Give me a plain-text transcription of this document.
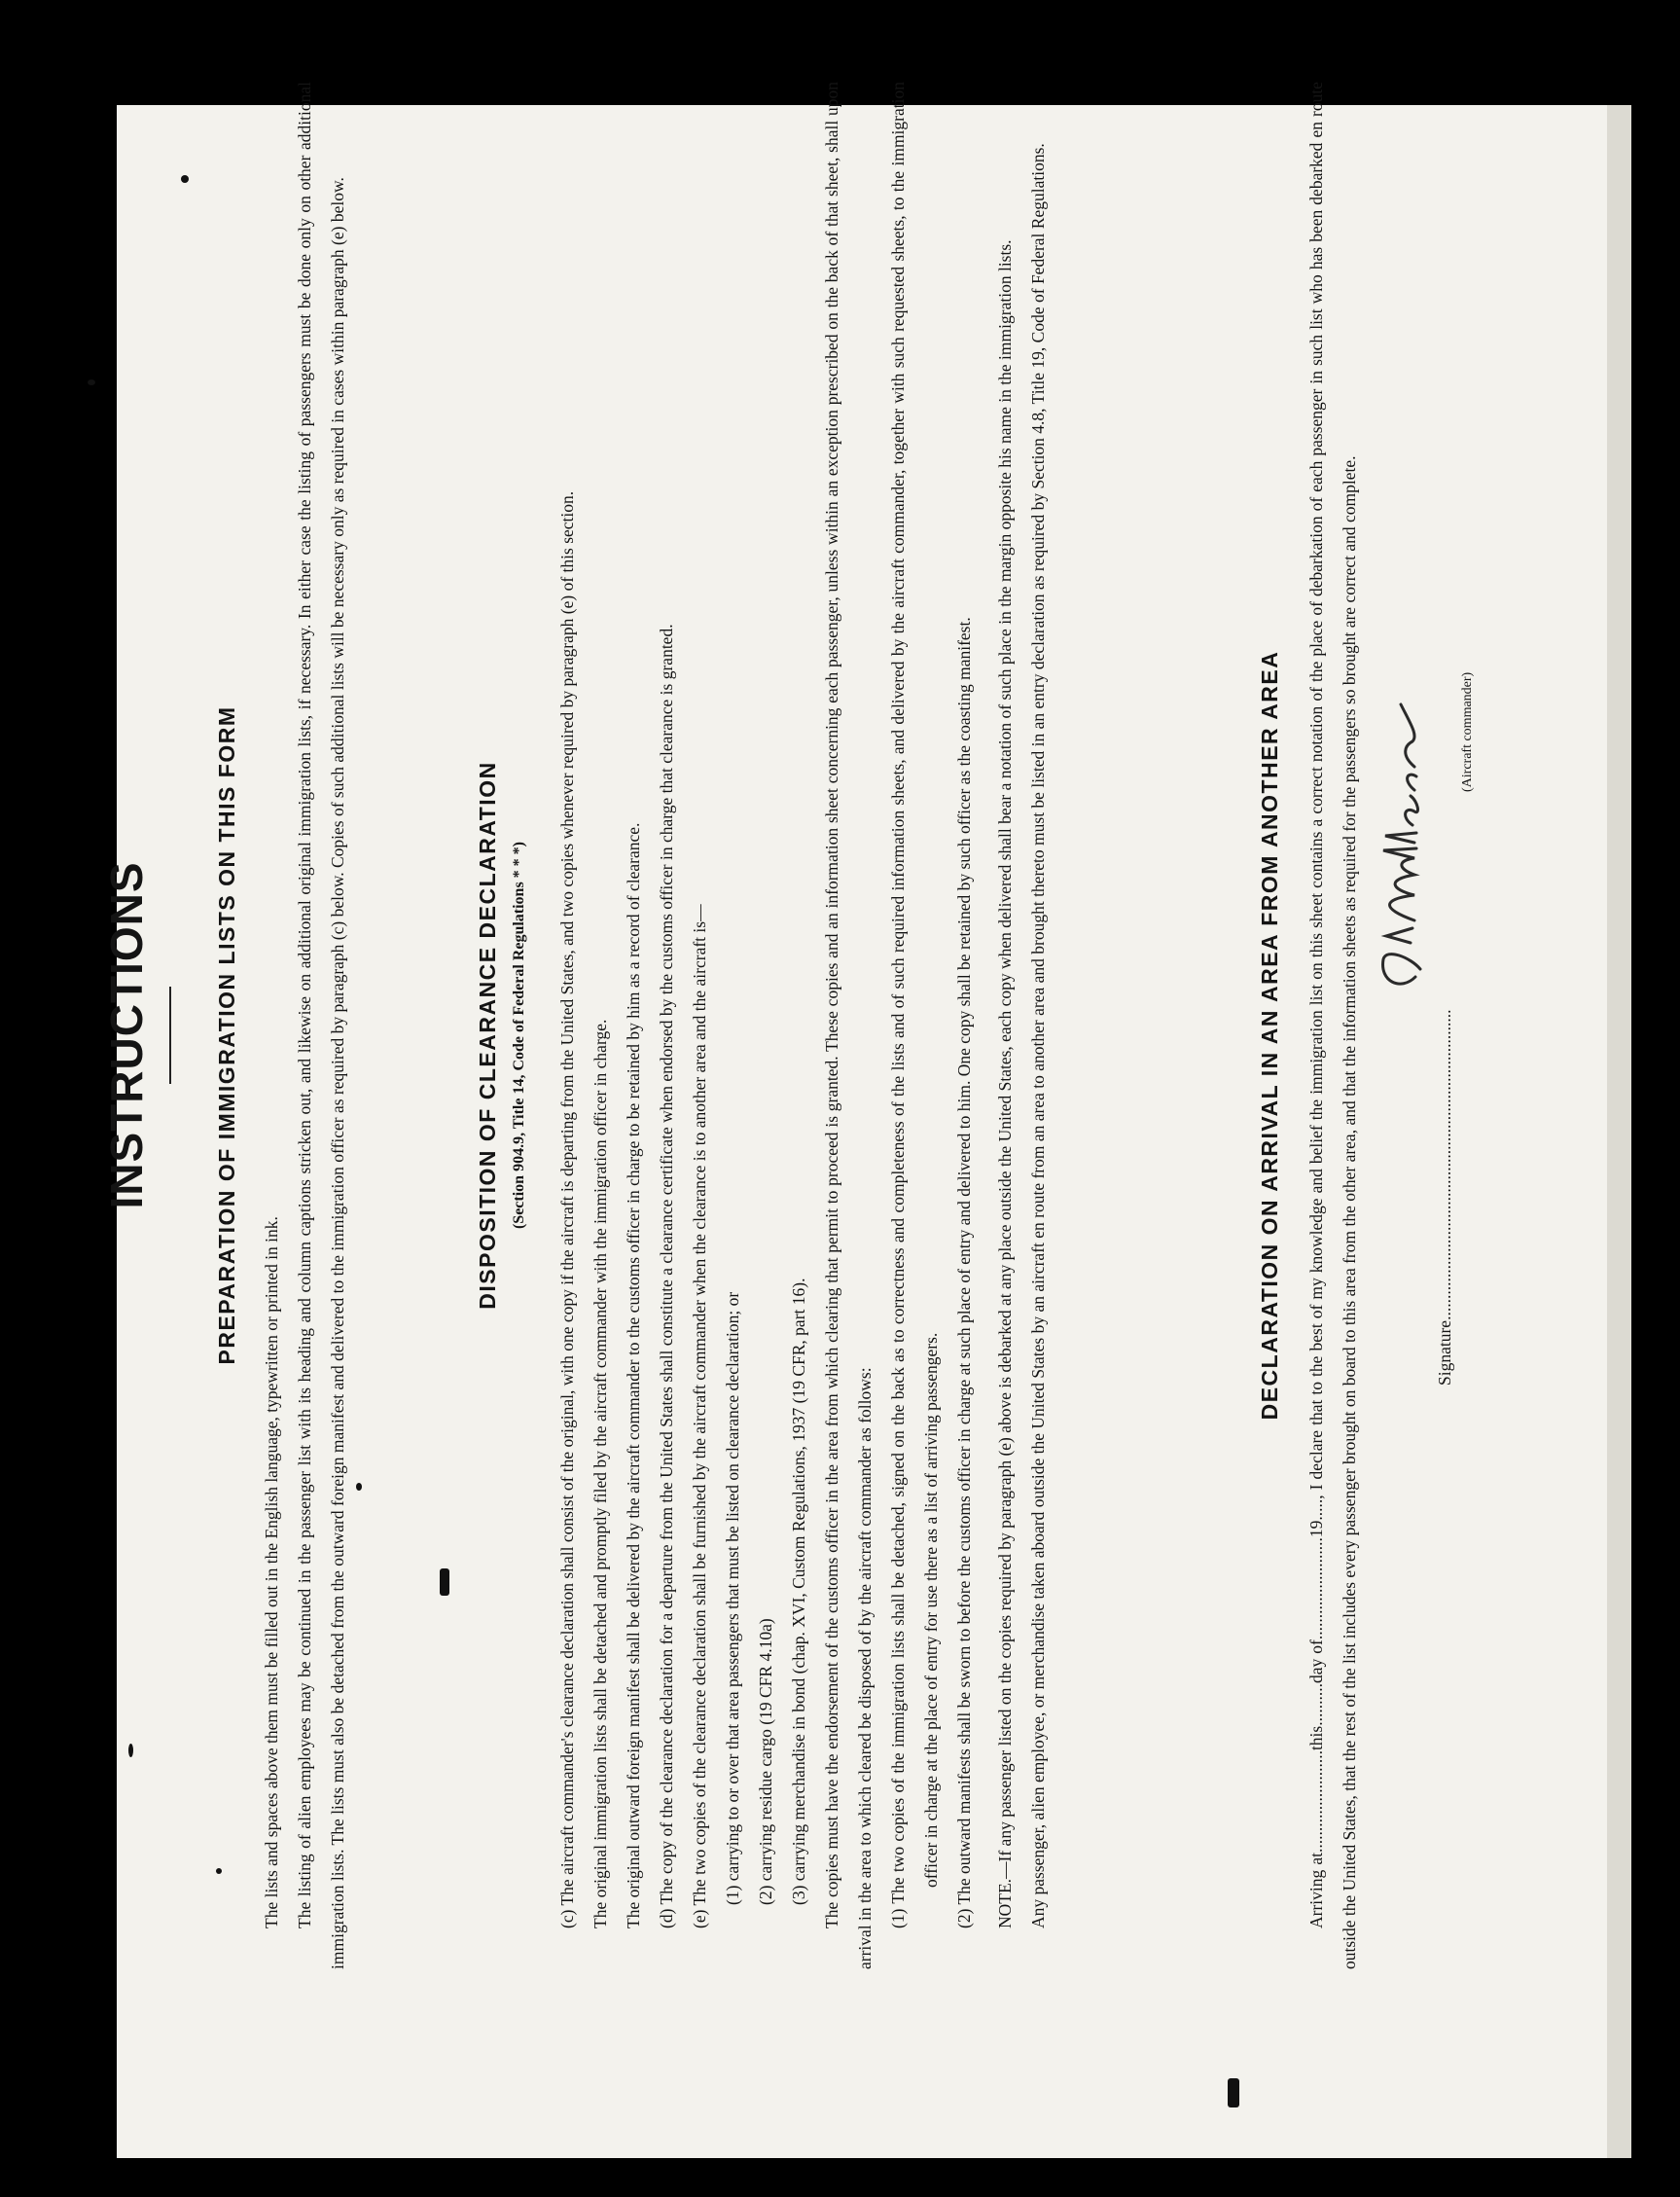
INSTRUCTIONS	PREPARATION OF IMMIGRATION LISTS ON THIS FORM

The lists and spaces above them must be filled out in the English language, typewritten or printed in ink. The listing of alien employees may be continued in the passenger list with its heading and column captions stricken out, and likewise on additional original immigration lists, if necessary. In either case the listing of passengers must be done only on other additional immigration lists. The lists must also be detached from the outward foreign manifest and delivered to the immigration officer as required by paragraph (c) below. Copies of such additional lists will be necessary only as required in cases within paragraph (e) below.	DISPOSITION OF CLEARANCE DECLARATION (Section 904.9, Title 14, Code of Federal Regulations * * *)	(c) The aircraft commander's clearance declaration shall consist of the original, with one copy if the aircraft is departing from the United States, and two copies whenever required by paragraph (e) of this section. The original immigration lists shall be detached and promptly filed by the aircraft commander with the immigration officer in charge. The original outward foreign manifest shall be delivered by the aircraft commander to the customs officer in charge to be retained by him as a record of clearance. (d) The copy of the clearance declaration for a departure from the United States shall constitute a clearance certificate when endorsed by the customs officer in charge that clearance is granted. (e) The two copies of the clearance declaration shall be furnished by the aircraft commander when the clearance is to another area and the aircraft is— (1) carrying to or over that area passengers that must be listed on clearance declaration; or (2) carrying residue cargo (19 CFR 4.10a) (3) carrying merchandise in bond (chap. XVI, Custom Regulations, 1937 (19 CFR, part 16). The copies must have the endorsement of the customs officer in the area from which clearing that permit to proceed is granted. These copies and an information sheet concerning each passenger, unless within an exception prescribed on the back of that sheet, shall upon arrival in the area to which cleared be disposed of by the aircraft commander as follows: (1) The two copies of the immigration lists shall be detached, signed on the back as to correctness and completeness of the lists and of such required information sheets, and delivered by the aircraft commander, together with such requested sheets, to the immigration officer in charge at the place of entry for use there as a list of arriving passengers. (2) The outward manifests shall be sworn to before the customs officer in charge at such place of entry and delivered to him. One copy shall be retained by such officer as the coasting manifest.	NOTE.—If any passenger listed on the copies required by paragraph (e) above is debarked at any place outside the United States, each copy when delivered shall bear a notation of such place in the margin opposite his name in the immigration lists. Any passenger, alien employee, or merchandise taken aboard outside the United States by an aircraft en route from an area to another area and brought thereto must be listed in an entry declaration as required by Section 4.8, Title 19, Code of Federal Regulations.	DECLARATION ON ARRIVAL IN AN AREA FROM ANOTHER AREA	Arriving at........................this..........day of........................19....., I declare that to the best of my knowledge and belief the immigration list on this sheet contains a correct notation of the place of debarkation of each passenger in such list who has been debarked en route outside the United States, that the rest of the list includes every passenger brought on board to this area from the other area, and that the information sheets as required for the passengers so brought are correct and complete.	Signature.........................................................................
(Aircraft commander)
